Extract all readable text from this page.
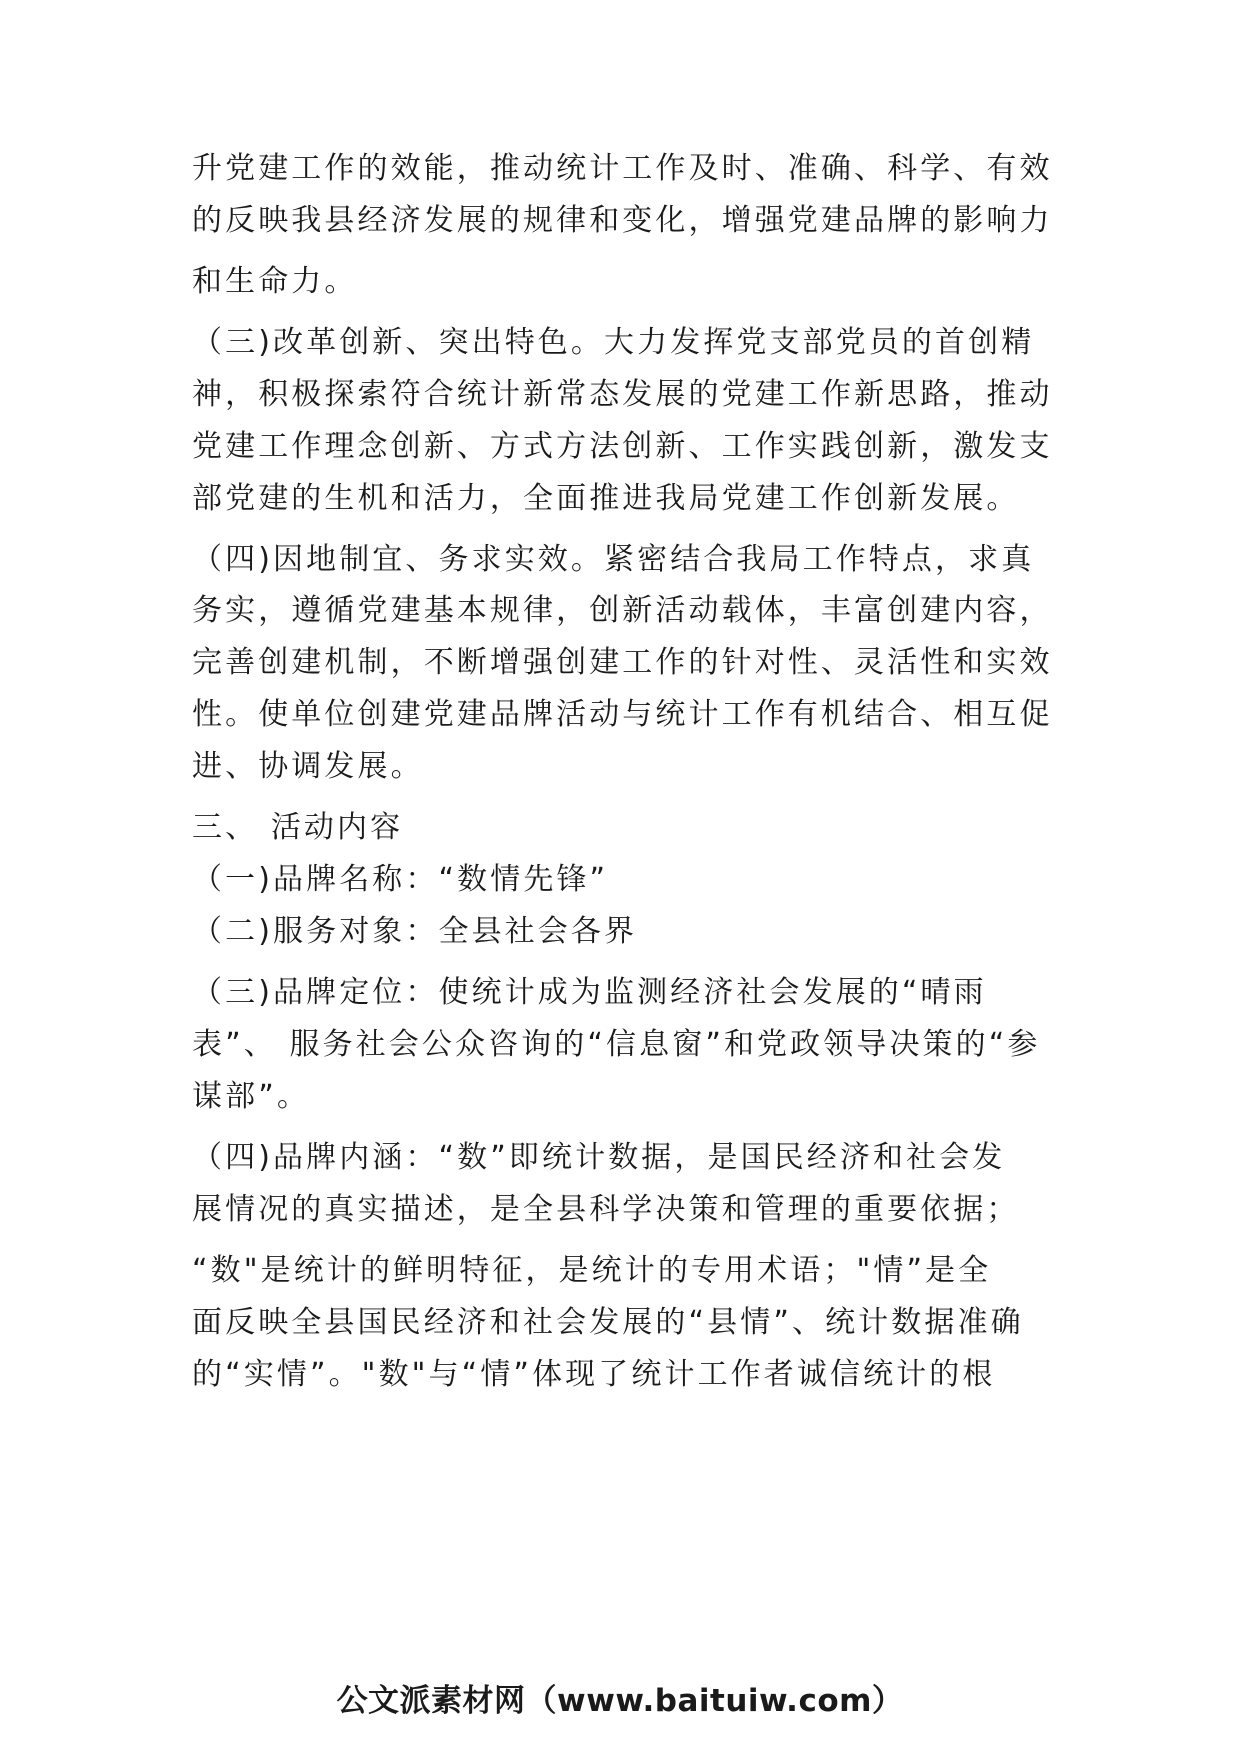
升党建工作的效能，推动统计工作及时、准确、科学、有效
的反映我县经济发展的规律和变化，增强党建品牌的影响力
和生命力。
（三)改革创新、突出特色。大力发挥党支部党员的首创精
神，积极探索符合统计新常态发展的党建工作新思路，推动
党建工作理念创新、方式方法创新、工作实践创新，激发支
部党建的生机和活力，全面推进我局党建工作创新发展。
（四)因地制宜、务求实效。紧密结合我局工作特点，求真
务实，遵循党建基本规律，创新活动载体，丰富创建内容，
完善创建机制，不断增强创建工作的针对性、灵活性和实效
性。使单位创建党建品牌活动与统计工作有机结合、相互促
进、协调发展。
三、 活动内容
（一)品牌名称：“数情先锋”
（二)服务对象：全县社会各界
（三)品牌定位：使统计成为监测经济社会发展的“晴雨
表”、 服务社会公众咨询的“信息窗”和党政领导决策的“参
谋部”。
（四)品牌内涵：“数”即统计数据，是国民经济和社会发
展情况的真实描述，是全县科学决策和管理的重要依据；
“数"是统计的鲜明特征，是统计的专用术语；"情”是全
面反映全县国民经济和社会发展的“县情”、统计数据准确
的“实情”。"数"与“情”体现了统计工作者诚信统计的根
公文派素材网（www.baituiw.com）
